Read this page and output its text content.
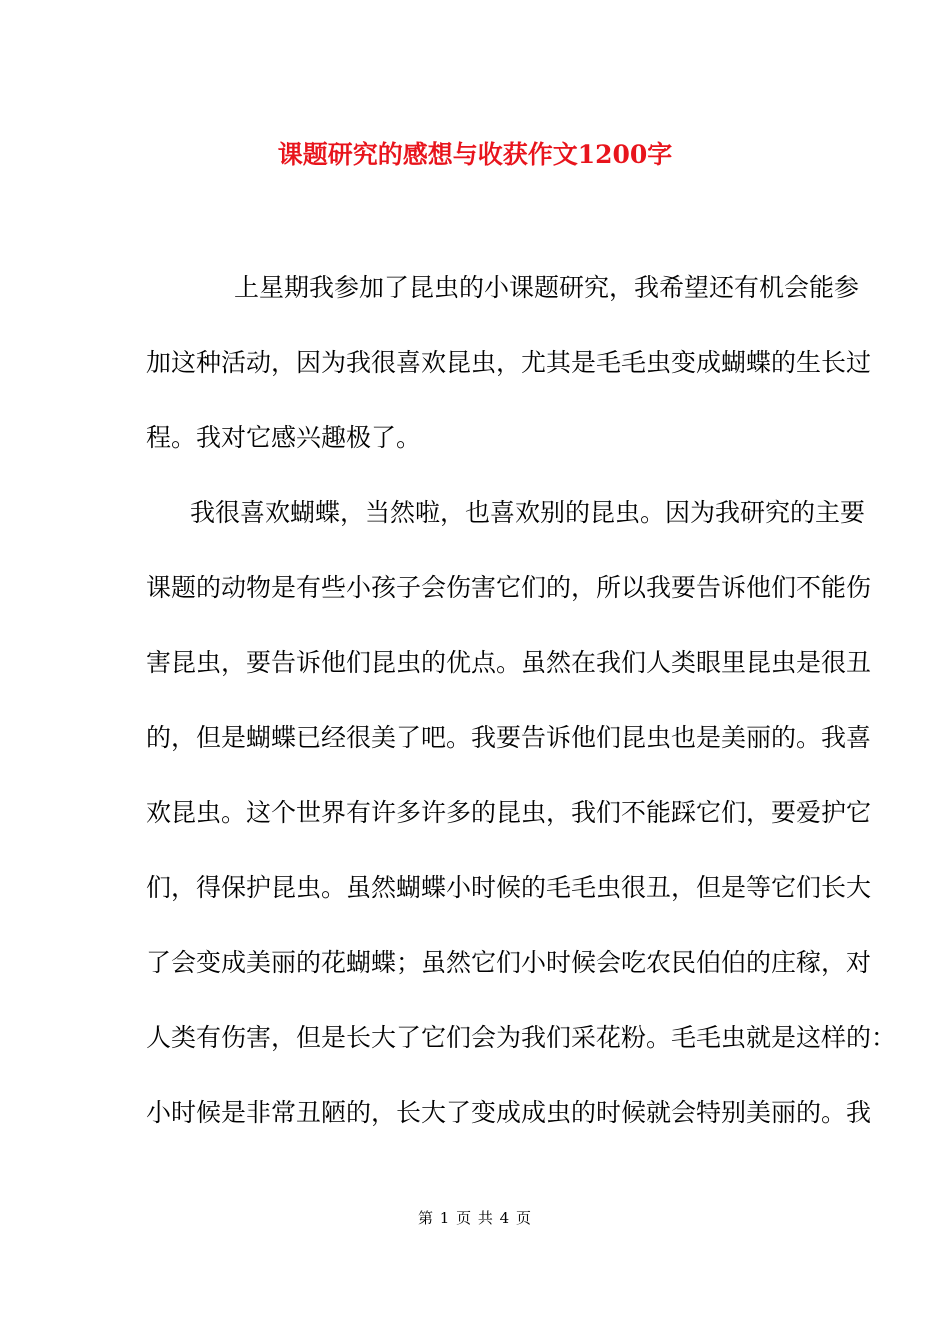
课题研究的感想与收获作文1200字
上星期我参加了昆虫的小课题研究，我希望还有机会能参
加这种活动，因为我很喜欢昆虫，尤其是毛毛虫变成蝴蝶的生长过
程。我对它感兴趣极了。
我很喜欢蝴蝶，当然啦，也喜欢别的昆虫。因为我研究的主要
课题的动物是有些小孩子会伤害它们的，所以我要告诉他们不能伤
害昆虫，要告诉他们昆虫的优点。虽然在我们人类眼里昆虫是很丑
的，但是蝴蝶已经很美了吧。我要告诉他们昆虫也是美丽的。我喜
欢昆虫。这个世界有许多许多的昆虫，我们不能踩它们，要爱护它
们，得保护昆虫。虽然蝴蝶小时候的毛毛虫很丑，但是等它们长大
了会变成美丽的花蝴蝶；虽然它们小时候会吃农民伯伯的庄稼，对
人类有伤害，但是长大了它们会为我们采花粉。毛毛虫就是这样的：
小时候是非常丑陋的，长大了变成成虫的时候就会特别美丽的。我
第 1 页 共 4 页
